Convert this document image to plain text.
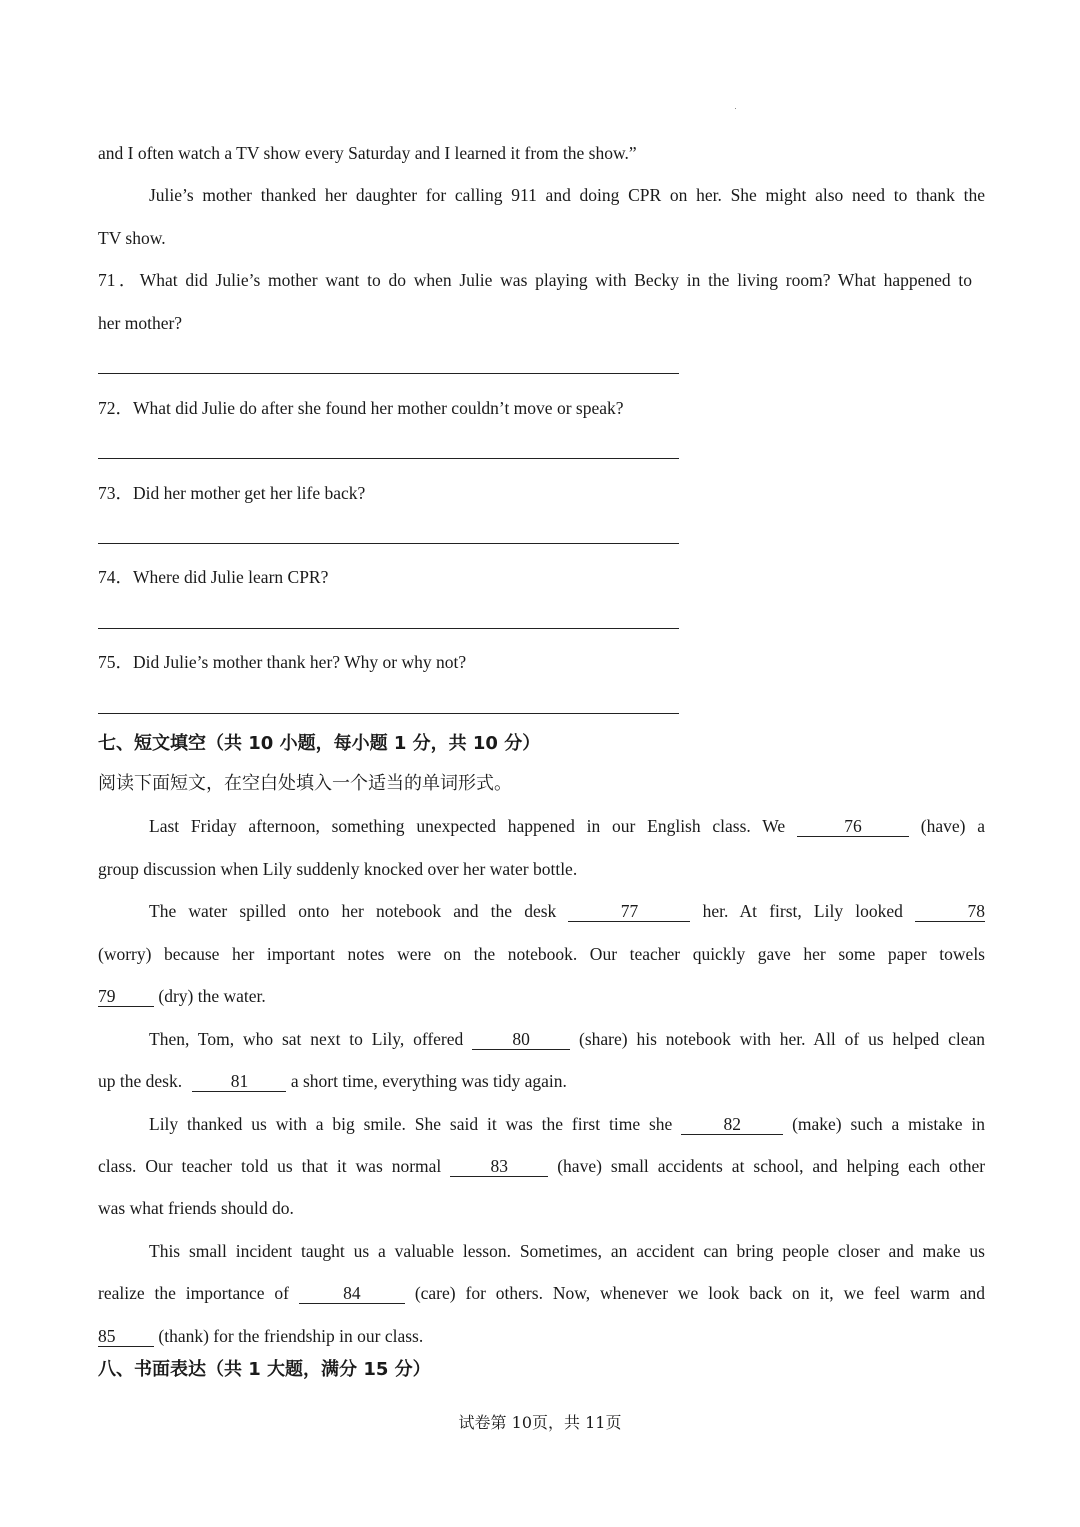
and I often watch a TV show every Saturday and I learned it from the show.”
Julie’s mother thanked her daughter for calling 911 and doing CPR on her. She might also need to thank the
TV show.
71．What did Julie’s mother want to do when Julie was playing with Becky in the living room? What happened to
her mother?
72．What did Julie do after she found her mother couldn’t move or speak?
73．Did her mother get her life back?
74．Where did Julie learn CPR?
75．Did Julie’s mother thank her? Why or why not?
七、短文填空（共 10 小题，每小题 1 分，共 10 分）
阅读下面短文，在空白处填入一个适当的单词形式。
Last Friday afternoon, something unexpected happened in our English class. We	76	(have) a
group discussion when Lily suddenly knocked over her water bottle.
The water spilled onto her notebook and the desk	77	her. At first, Lily looked	78
(worry) because her important notes were on the notebook. Our teacher quickly gave her some paper towels
79 (dry) the water.
Then, Tom, who sat next to Lily, offered	80	(share) his notebook with her. All of us helped clean
up the desk.	81 a short time, everything was tidy again.
Lily thanked us with a big smile. She said it was the first time she	82	(make) such a mistake in
class. Our teacher told us that it was normal	83	(have) small accidents at school, and helping each other
was what friends should do.
This small incident taught us a valuable lesson. Sometimes, an accident can bring people closer and make us
realize the importance of	84	(care) for others. Now, whenever we look back on it, we feel warm and
85 (thank) for the friendship in our class.
八、书面表达（共 1 大题，满分 15 分）
试卷第 10页，共 11页
